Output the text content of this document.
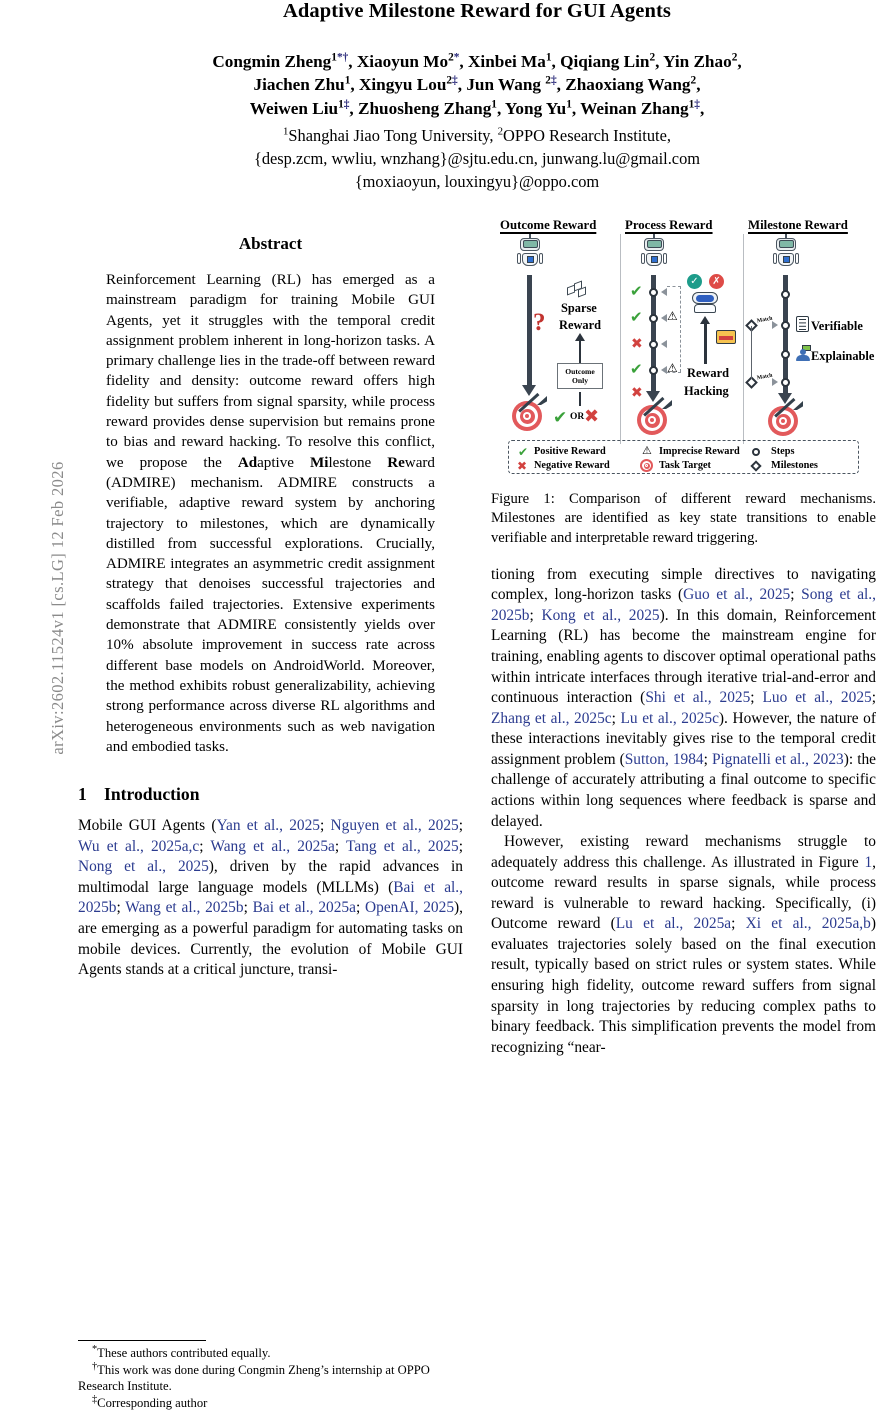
arXiv:2602.11524v1 [cs.LG] 12 Feb 2026
Adaptive Milestone Reward for GUI Agents
Congmin Zheng$^{1*\dagger}$, Xiaoyun $Mo^{2*}$, Xinbei Ma$^1$, Qiqiang Lin$^2$, Yin Zhao$^2$,
Jiachen Zhu$^1$, Xingyu Lou$^{2\ddagger}$, Jun Wang $^{2\ddagger}$, Zhaoxiang Wang$^2$,
Weiwen Liu$^{1\ddagger}$, Zhuosheng Zhang$^1$, Yong Yu$^1$, Weinan Zhang$^{1\ddagger}$,
$^1$Shanghai Jiao Tong University, $^2$OPPO Research Institute,
{desp.zcm, wwliu, wnzhang}@sjtu.edu.cn, junwang.lu@gmail.com
{moxiaoyun, louxingyu}@oppo.com
Abstract
Reinforcement Learning (RL) has emerged as a mainstream paradigm for training Mobile GUI Agents, yet it struggles with the temporal credit assignment problem inherent in long-horizon tasks. A primary challenge lies in the trade-off between reward fidelity and density: outcome reward offers high fidelity but suffers from signal sparsity, while process reward provides dense supervision but remains prone to bias and reward hacking. To resolve this conflict, we propose the Adaptive Milestone Reward (ADMIRE) mechanism. ADMIRE constructs a verifiable, adaptive reward system by anchoring trajectory to milestones, which are dynamically distilled from successful explorations. Crucially, ADMIRE integrates an asymmetric credit assignment strategy that denoises successful trajectories and scaffolds failed trajectories. Extensive experiments demonstrate that ADMIRE consistently yields over 10% absolute improvement in success rate across different base models on AndroidWorld. Moreover, the method exhibits robust generalizability, achieving strong performance across diverse RL algorithms and heterogeneous environments such as web navigation and embodied tasks.
1 Introduction

Mobile GUI Agents (Yan et al., 2025; Nguyen et al., 2025; Wu et al., 2025a,c; Wang et al., 2025a; Tang et al., 2025; Nong et al., 2025), driven by the rapid advances in multimodal large language models (MLLMs) (Bai et al., 2025b; Wang et al., 2025b; Bai et al., 2025a; OpenAI, 2025), are emerging as a powerful paradigm for automating tasks on mobile devices. Currently, the evolution of Mobile GUI Agents stands at a critical juncture, transi-

*These authors contributed equally.

†This work was done during Congmin Zheng’s internship at OPPO Research Institute.

‡Corresponding author

Outcome Reward Process Reward	Milestone Reward
?
Sparse
Reward
Outcome
Only
✔ OR ✖
✔
✔
✖
✔
✖
⚠
⚠
✓	✗
Reward
Hacking
Match
Match
Verifiable
Explainable
✔ Positive Reward
✖ Negative Reward
⚠ Imprecise Reward
Task Target
Steps
Milestones
Figure 1: Comparison of different reward mechanisms. Milestones are identified as key state transitions to enable verifiable and interpretable reward triggering.

tioning from executing simple directives to navigating complex, long-horizon tasks (Guo et al., 2025; Song et al., 2025b; Kong et al., 2025). In this domain, Reinforcement Learning (RL) has become the mainstream engine for training, enabling agents to discover optimal operational paths within intricate interfaces through iterative trial-and-error and continuous interaction (Shi et al., 2025; Luo et al., 2025; Zhang et al., 2025c; Lu et al., 2025c). However, the nature of these interactions inevitably gives rise to the temporal credit assignment problem (Sutton, 1984; Pignatelli et al., 2023): the challenge of accurately attributing a final outcome to specific actions within long sequences where feedback is sparse and delayed.

However, existing reward mechanisms struggle to adequately address this challenge. As illustrated in Figure 1, outcome reward results in sparse signals, while process reward is vulnerable to reward hacking. Specifically, (i) Outcome reward (Lu et al., 2025a; Xi et al., 2025a,b) evaluates trajectories solely based on the final execution result, typically based on strict rules or system states. While ensuring high fidelity, outcome reward suffers from signal sparsity in long trajectories by reducing complex paths to binary feedback. This simplification prevents the model from recognizing “near-
